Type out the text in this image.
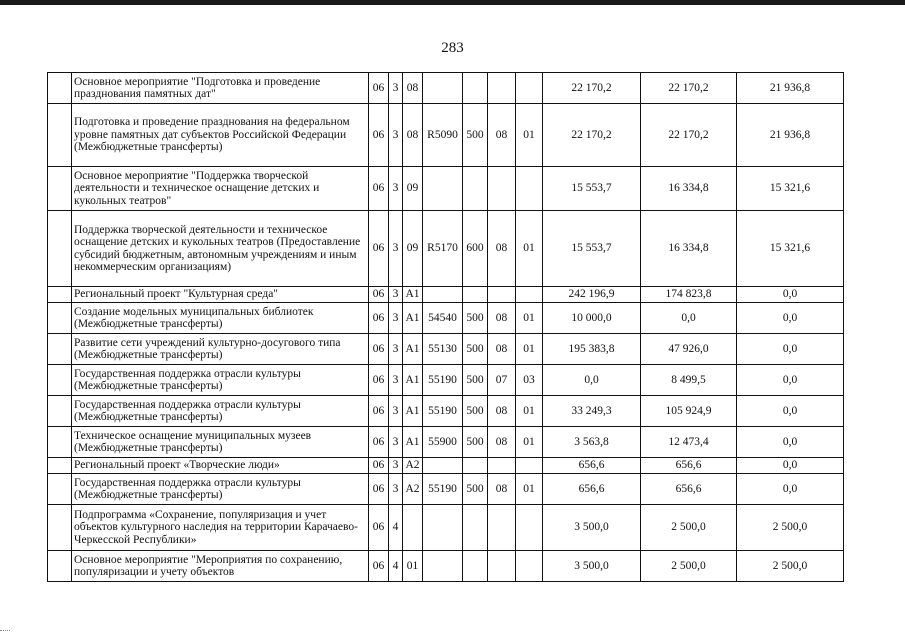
283
	Основное мероприятие "Подготовка и проведение празднования памятных дат"	06	3	08					22 170,2	22 170,2	21 936,8
	Подготовка и проведение празднования на федеральном уровне памятных дат субъектов Российской Федерации (Межбюджетные трансферты)	06	3	08	R5090	500	08	01	22 170,2	22 170,2	21 936,8
	Основное мероприятие "Поддержка творческой деятельности и техническое оснащение детских и кукольных театров"	06	3	09					15 553,7	16 334,8	15 321,6
	Поддержка творческой деятельности и техническое оснащение детских и кукольных театров (Предоставление субсидий бюджетным, автономным учреждениям и иным некоммерческим организациям)	06	3	09	R5170	600	08	01	15 553,7	16 334,8	15 321,6
	Региональный проект "Культурная среда"	06	3	A1					242 196,9	174 823,8	0,0
	Создание модельных муниципальных библиотек (Межбюджетные трансферты)	06	3	A1	54540	500	08	01	10 000,0	0,0	0,0
	Развитие сети учреждений культурно-досугового типа (Межбюджетные трансферты)	06	3	A1	55130	500	08	01	195 383,8	47 926,0	0,0
	Государственная поддержка отрасли культуры (Межбюджетные трансферты)	06	3	A1	55190	500	07	03	0,0	8 499,5	0,0
	Государственная поддержка отрасли культуры (Межбюджетные трансферты)	06	3	A1	55190	500	08	01	33 249,3	105 924,9	0,0
	Техническое оснащение муниципальных музеев (Межбюджетные трансферты)	06	3	A1	55900	500	08	01	3 563,8	12 473,4	0,0
	Региональный проект «Творческие люди»	06	3	A2					656,6	656,6	0,0
	Государственная поддержка отрасли культуры (Межбюджетные трансферты)	06	3	A2	55190	500	08	01	656,6	656,6	0,0
	Подпрограмма «Сохранение, популяризация и учет объектов культурного наследия на территории Карачаево-Черкесской Республики»	06	4						3 500,0	2 500,0	2 500,0
	Основное мероприятие "Мероприятия по сохранению, популяризации и учету объектов	06	4	01					3 500,0	2 500,0	2 500,0
